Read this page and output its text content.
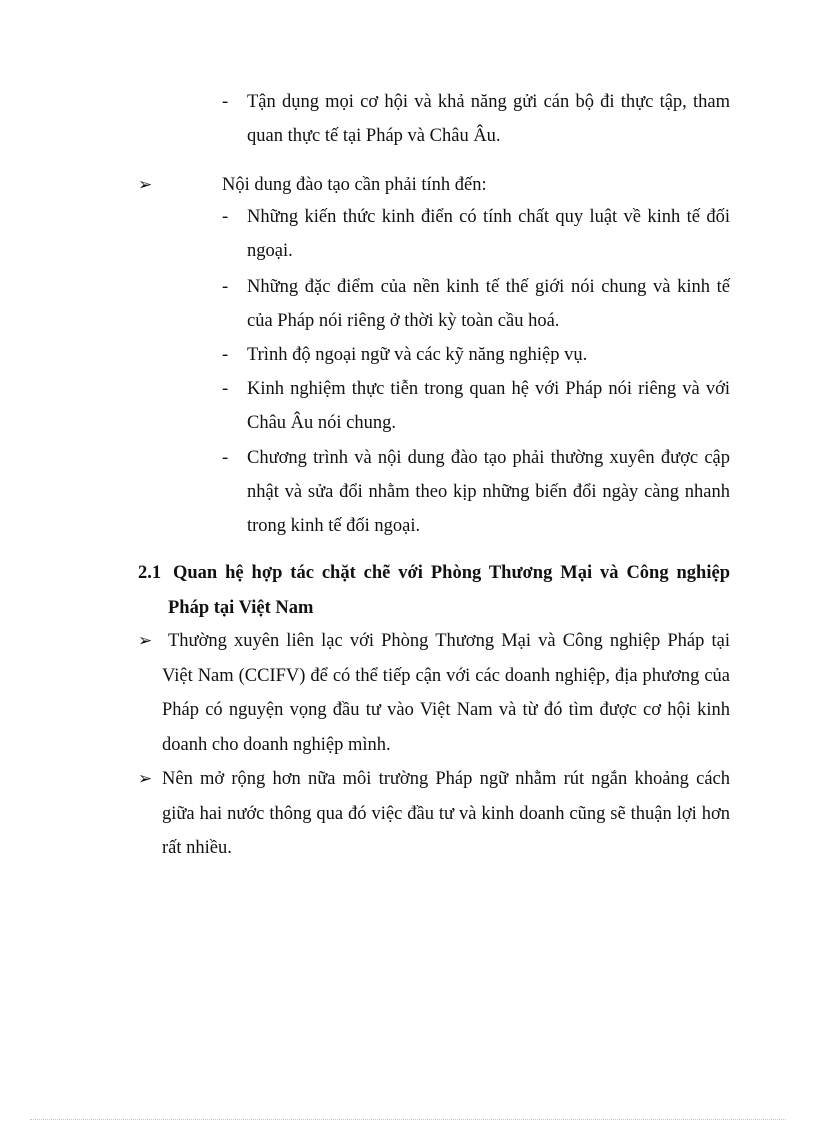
- Tận dụng mọi cơ hội và khả năng gửi cán bộ đi thực tập, tham quan thực tế tại Pháp và Châu Âu.
➢	Nội dung đào tạo cần phải tính đến:
- Những kiến thức kinh điển có tính chất quy luật về kinh tế đối ngoại.
- Những đặc điểm của nền kinh tế thế giới nói chung và kinh tế của Pháp nói riêng ở thời kỳ toàn cầu hoá.
- Trình độ ngoại ngữ và các kỹ năng nghiệp vụ.
- Kinh nghiệm thực tiễn trong quan hệ với Pháp nói riêng và với Châu Âu nói chung.
- Chương trình và nội dung đào tạo phải thường xuyên được cập nhật và sửa đổi nhằm theo kịp những biến đổi ngày càng nhanh trong kinh tế đối ngoại.
2.1 Quan hệ hợp tác chặt chẽ với Phòng Thương Mại và Công nghiệp Pháp tại Việt Nam
➢ Thường xuyên liên lạc với Phòng Thương Mại và Công nghiệp Pháp tại Việt Nam (CCIFV) để có thể tiếp cận với các doanh nghiệp, địa phương của Pháp có nguyện vọng đầu tư vào Việt Nam và từ đó tìm được cơ hội kinh doanh cho doanh nghiệp mình.
➢ Nên mở rộng hơn nữa môi trường Pháp ngữ nhằm rút ngắn khoảng cách giữa hai nước thông qua đó việc đầu tư và kinh doanh cũng sẽ thuận lợi hơn rất nhiều.
